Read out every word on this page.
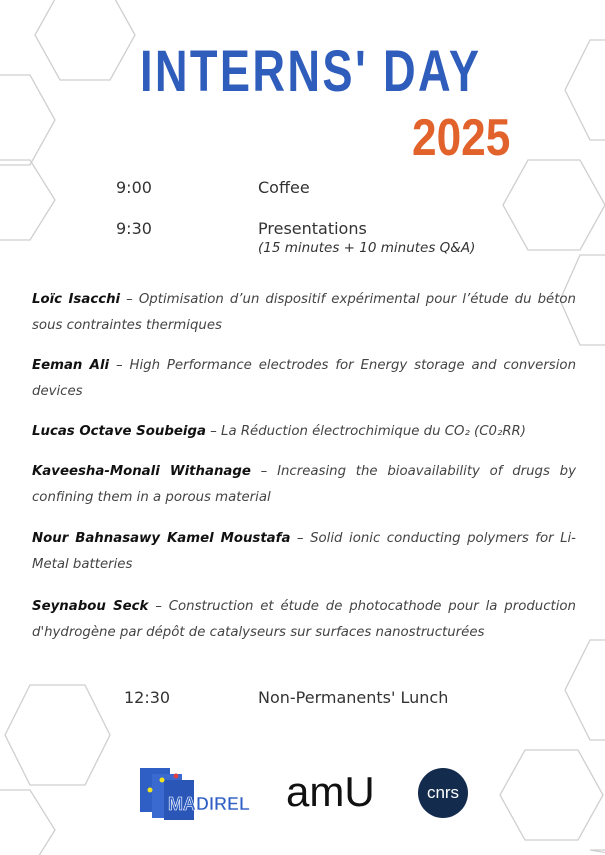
INTERNS' DAY
2025
9:00	Coffee
9:30	Presentations
(15 minutes + 10 minutes Q&A)
Loïc Isacchi – Optimisation d’un dispositif expérimental pour l’étude du béton sous contraintes thermiques
Eeman Ali – High Performance electrodes for Energy storage and conversion devices
Lucas Octave Soubeiga – La Réduction électrochimique du CO₂ (C0₂RR)
Kaveesha-Monali Withanage – Increasing the bioavailability of drugs by confining them in a porous material
Nour Bahnasawy Kamel Moustafa – Solid ionic conducting polymers for Li-Metal batteries
Seynabou Seck – Construction et étude de photocathode pour la production d'hydrogène par dépôt de catalyseurs sur surfaces nanostructurées
12:30	Non-Permanents' Lunch
MADIREL amU	cnrs
